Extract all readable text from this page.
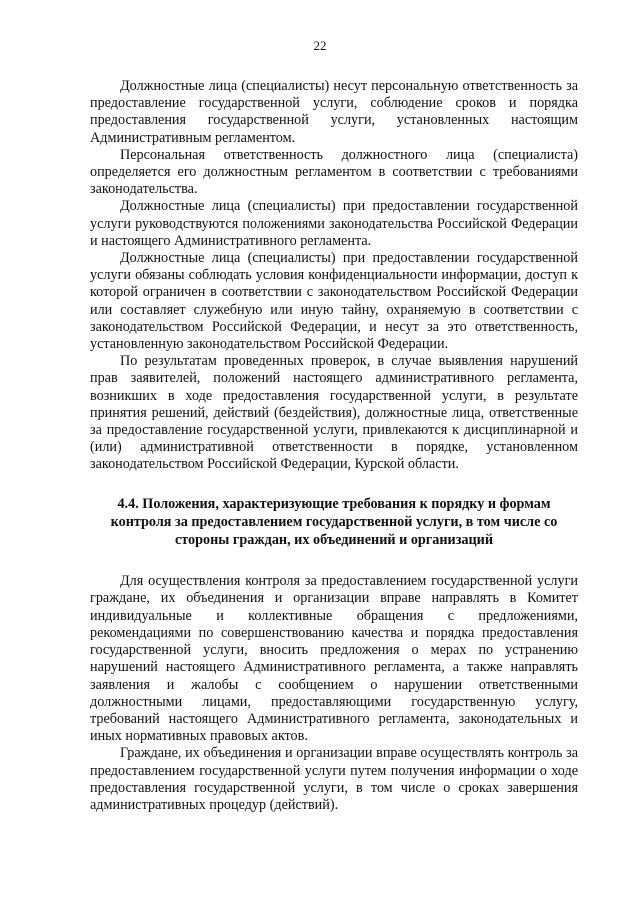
22

Должностные лица (специалисты) несут персональную ответственность за предоставление государственной услуги, соблюдение сроков и порядка предоставления государственной услуги, установленных настоящим Административным регламентом.

Персональная ответственность должностного лица (специалиста) определяется его должностным регламентом в соответствии с требованиями законодательства.

Должностные лица (специалисты) при предоставлении государственной услуги руководствуются положениями законодательства Российской Федерации и настоящего Административного регламента.

Должностные лица (специалисты) при предоставлении государственной услуги обязаны соблюдать условия конфиденциальности информации, доступ к которой ограничен в соответствии с законодательством Российской Федерации или составляет служебную или иную тайну, охраняемую в соответствии с законодательством Российской Федерации, и несут за это ответственность, установленную законодательством Российской Федерации.

По результатам проведенных проверок, в случае выявления нарушений прав заявителей, положений настоящего административного регламента, возникших в ходе предоставления государственной услуги, в результате принятия решений, действий (бездействия), должностные лица, ответственные за предоставление государственной услуги, привлекаются к дисциплинарной и (или) административной ответственности в порядке, установленном законодательством Российской Федерации, Курской области.

4.4. Положения, характеризующие требования к порядку и формам контроля за предоставлением государственной услуги, в том числе со стороны граждан, их объединений и организаций

Для осуществления контроля за предоставлением государственной услуги граждане, их объединения и организации вправе направлять в Комитет индивидуальные и коллективные обращения с предложениями, рекомендациями по совершенствованию качества и порядка предоставления государственной услуги, вносить предложения о мерах по устранению нарушений настоящего Административного регламента, а также направлять заявления и жалобы с сообщением о нарушении ответственными должностными лицами, предоставляющими государственную услугу, требований настоящего Административного регламента, законодательных и иных нормативных правовых актов.

Граждане, их объединения и организации вправе осуществлять контроль за предоставлением государственной услуги путем получения информации о ходе предоставления государственной услуги, в том числе о сроках завершения административных процедур (действий).
